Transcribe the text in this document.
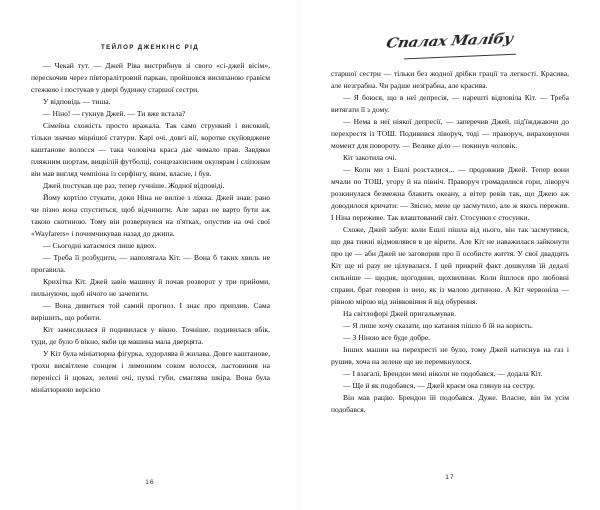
ТЕЙЛОР ДЖЕНКІНС РІД

— Чекай тут. — Джей Ріва вистрибнув зі свого «сі-джей вісім», перескочив через півторалітровий паркан, пройшовся висипаною гравієм стежкою і постукав у двері будинку старшої сестри.

У відповідь — тиша.

— Ніно! — гукнув Джей. — Ти вже встала?

Сімейна схожість просто вражала. Так само стрункий і високий, тільки значно міцнішої статури. Карі очі, довгі вії, коротке скуйовджене каштанове волосся — така чоловіча краса дає чимало прав. Завдяки пляжним шортам, вицвілій футболці, сонцезахисним окулярам і сліпонам він мав вигляд чемпіона із серфінгу, яким, власне, і був.

Джей постукав ще раз, тепер гучніше. Жодної відповіді.

Йому кортіло стукати, доки Ніна не вилізе з ліжка. Джей знав: рано чи пізно вона спуститься, щоб відчинити. Але зараз не варто бути аж такою скотиною. Тому він розвернувся на п'ятках, опустив на очі свої «Wayfarers» і почимчикував назад до джипа.

— Сьогодні катаємося лише вдвох.

— Треба її розбудити, — наполягала Кіт. — Вона б таких хвиль не прогавила.

Крихітка Кіт. Джей завів машину й почав розворот у три прийоми, пильнуючи, щоб нічого не зачепити.

— Вона дивиться той самий прогноз. І знає про приплив. Сама вирішить, що робити.

Кіт замислилася й подивилася у вікно. Точніше, подивилася вбік, туди, де було б вікно, якби ця машина мала дверцята.

У Кіт була мініатюрна фігурка, худорлява й жилава. Довге каштанове, трохи висвітлене сонцем і лимонним соком волосся, ластовиння на переніссі й щоках, зелені очі, пухкі губи, смаглява шкіра. Вона була мініатюрною версією

16
Спалах Малібу

старшої сестри — тільки без жодної дрібки грації та легкості. Красива, але незграбна. Чи радше незграбна, але красива.

— Я боюся, що в неї депресія, — нарешті відповіла Кіт. — Треба витягати її з дому.

— Нема в неї ніякої депресії, — заперечив Джей, під'їжджаючи до перехрестя із ТОШ. Подивився ліворуч, тоді — праворуч, вираховуючи момент для повороту. — Велике діло — покинув чоловік.

Кіт закотила очі.

— Коли ми з Ешлі розсталися... — продовжив Джей. Тепер вони мчали по ТОШ, угору й на північ. Праворуч громадилися гори, ліворуч розкинулася безмежна блакить океану, а вітер ревів так, що Джею аж доводилося кричати: — Звісно, мене це засмутило, але ж якось пережив. І Ніна переживе. Так влаштований світ. Стосунки є стосунки.

Схоже, Джей забув: коли Ешлі пішла від нього, він так засмутився, що два тижні відмовлявся в це вірити. Але Кіт не наважилася зайконути про це — аби Джей не заговорив про її особисте життя. У свої двадцять Кіт ще ні разу не цілувалася. І цей прикрий факт дошкуляв їй дедалі сильніше — щодня, щогодини, щохвилини. Коли йшлося про любовні справи, брат говорив із нею, як із малою дитиною. А Кіт червоніла — рівною мірою від зніяковіння й від обурення.

На світлофорі Джей пригальмував.

— Я лише хочу сказати, що катання пішло б їй на користь.

— З Ніною все буде добре.

Інших машин на перехресті не було, тому Джей натиснув на газ і рушив, хоча на зелене ще не перемкнулося.

— І взагалі, Брендон мені ніколи не подобався, — додала Кіт.

— Ще й як подобався, — Джей краєм ока глянув на сестру.

Він мав рацію. Брендон їй подобався. Дуже. Власне, він їм усім подобався.

17
